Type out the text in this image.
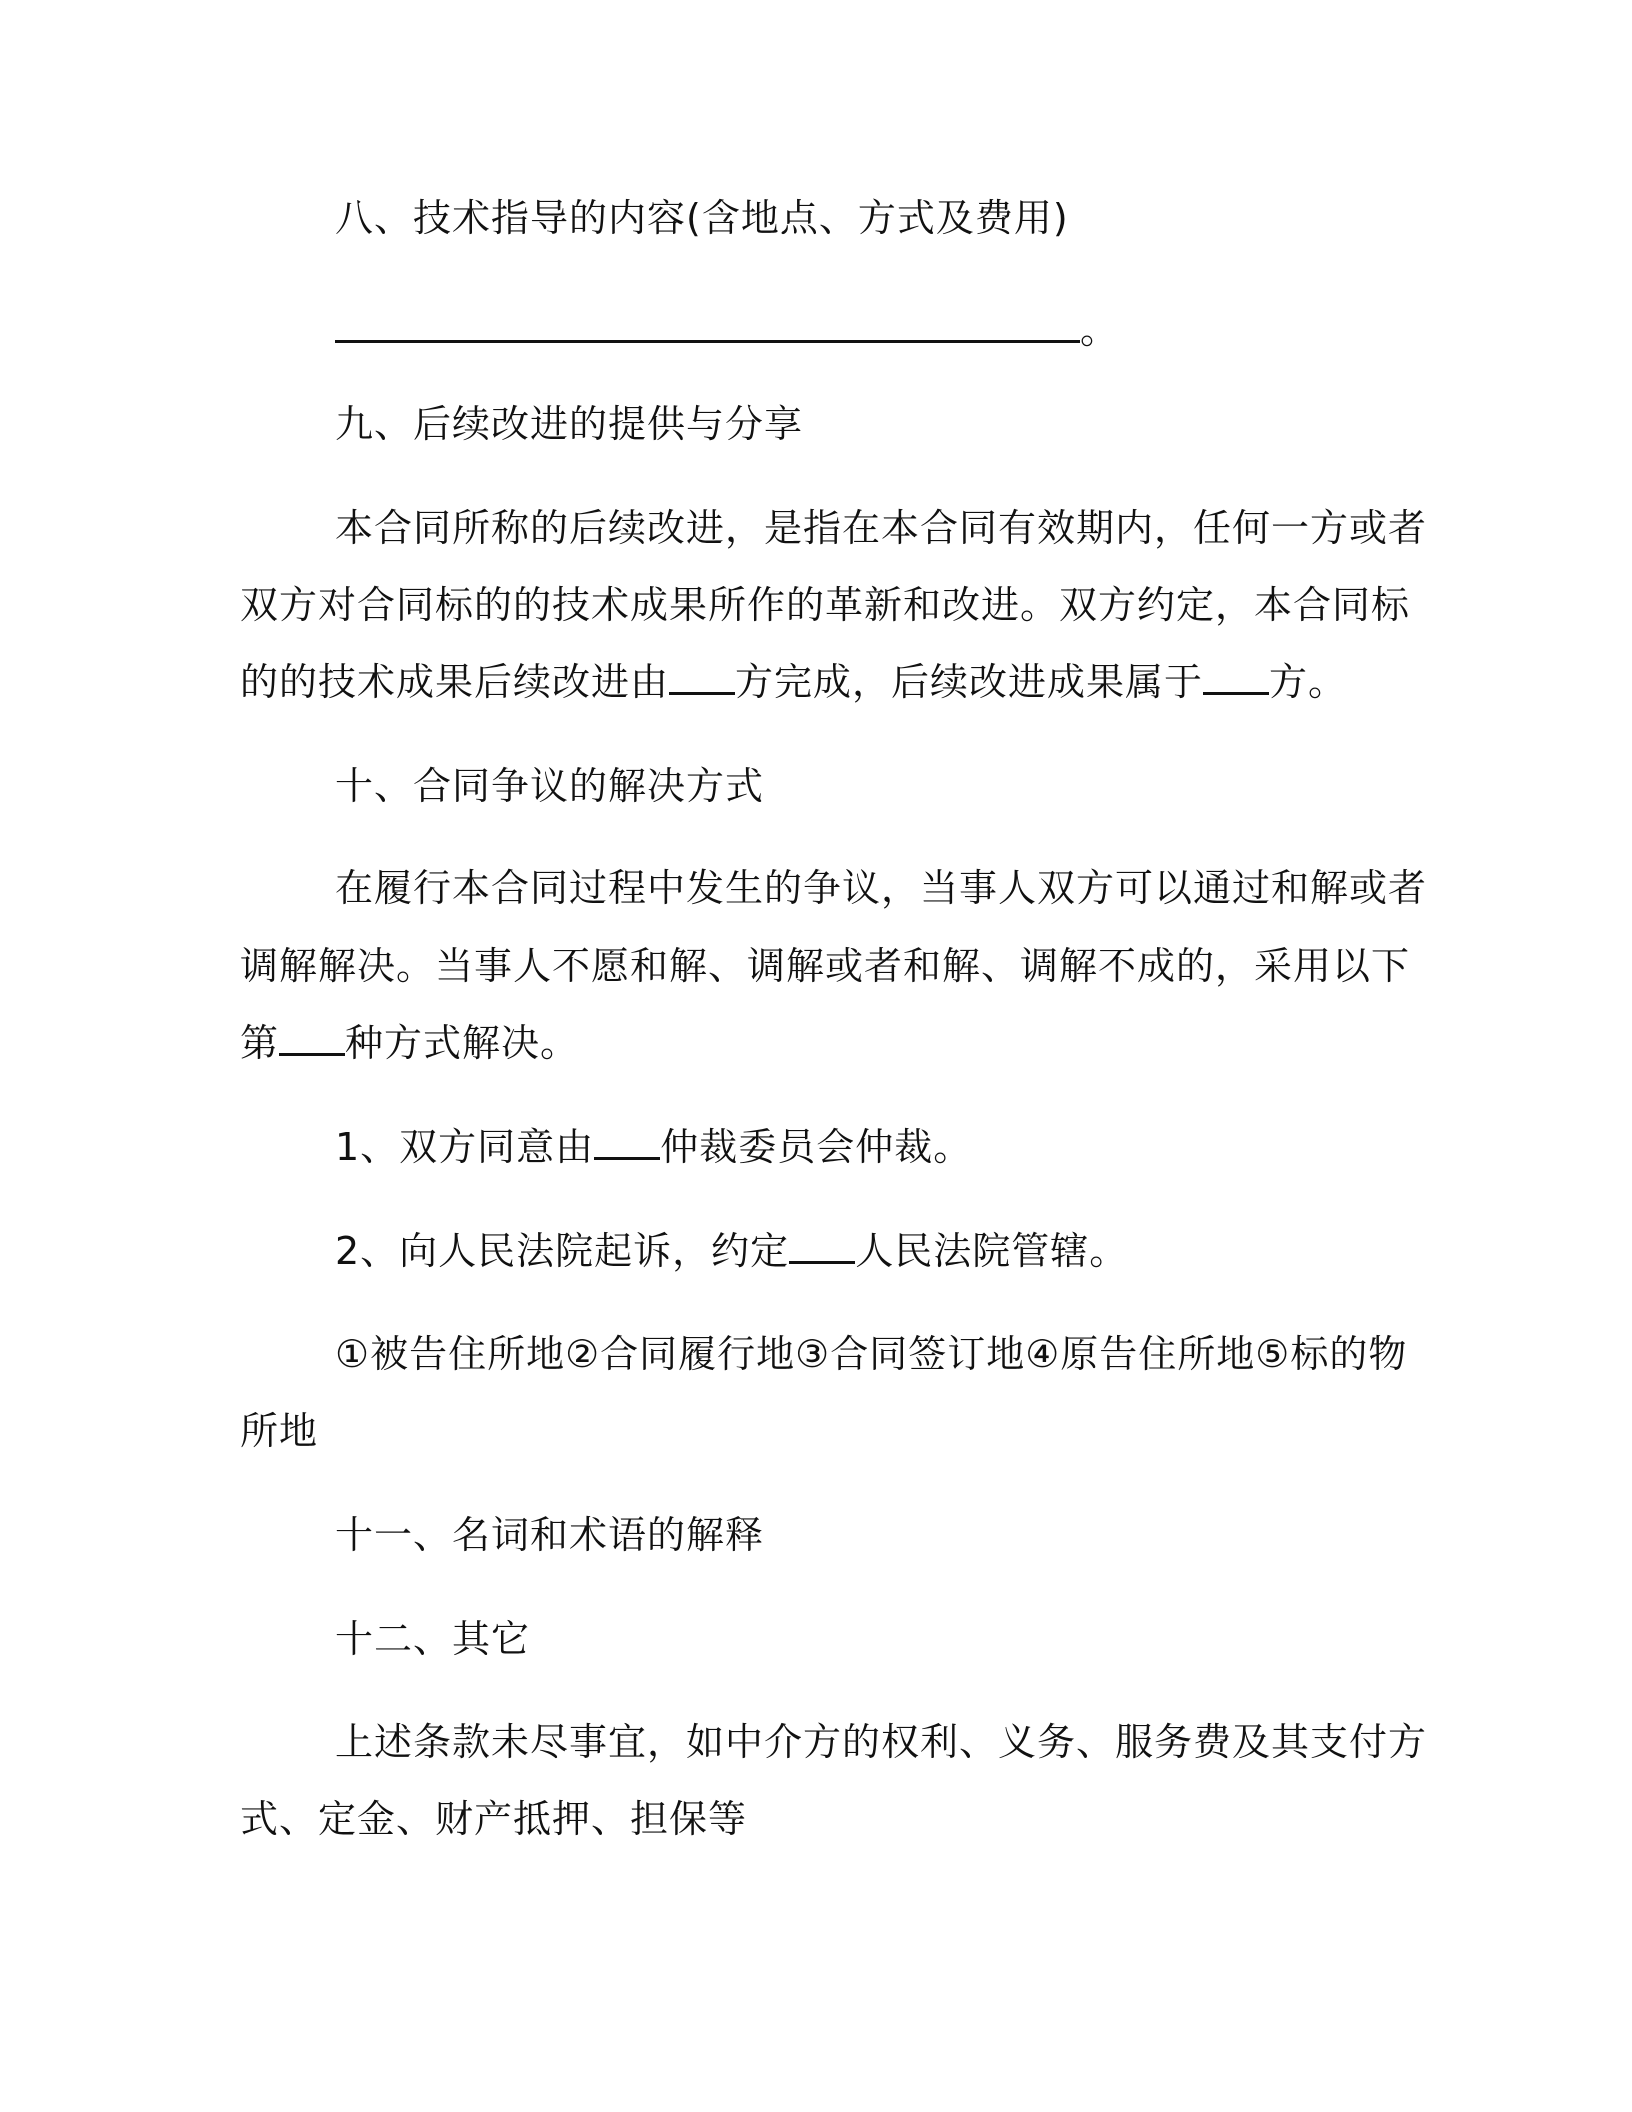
八、技术指导的内容(含地点、方式及费用)
。
九、后续改进的提供与分享
本合同所称的后续改进，是指在本合同有效期内，任何一方或者
双方对合同标的的技术成果所作的革新和改进。双方约定，本合同标
的的技术成果后续改进由 方完成，后续改进成果属于 方。
十、合同争议的解决方式
在履行本合同过程中发生的争议，当事人双方可以通过和解或者
调解解决。当事人不愿和解、调解或者和解、调解不成的，采用以下
第 种方式解决。
1、双方同意由 仲裁委员会仲裁。
2、向人民法院起诉，约定 人民法院管辖。
①被告住所地②合同履行地③合同签订地④原告住所地⑤标的物
所地
十一、名词和术语的解释
十二、其它
上述条款未尽事宜，如中介方的权利、义务、服务费及其支付方
式、定金、财产抵押、担保等
